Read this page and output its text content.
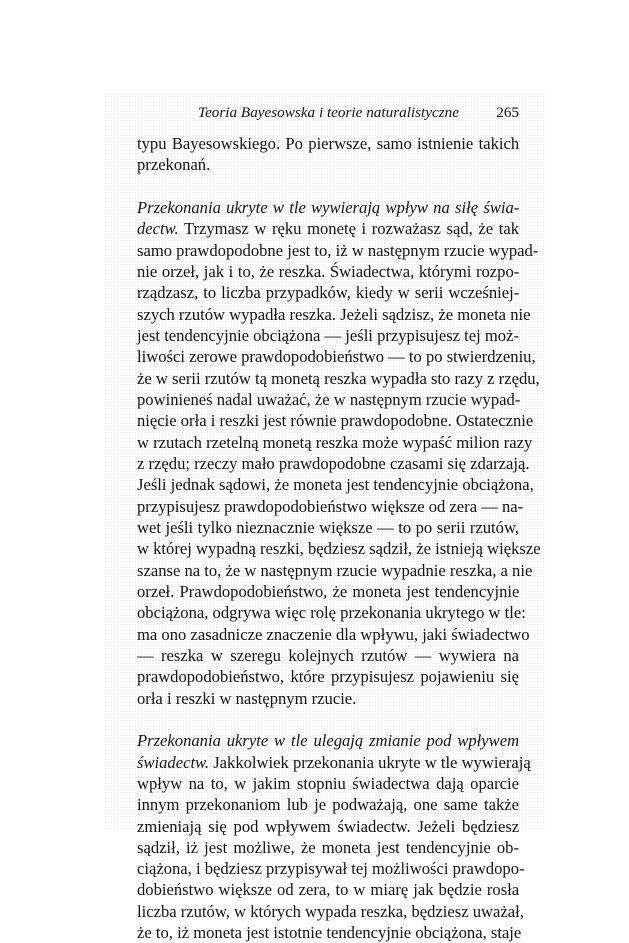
Teoria Bayesowska i teorie naturalistyczne 265
typu Bayesowskiego. Po pierwsze, samo istnienie takich
przekonań.
Przekonania ukryte w tle wywierają wpływ na siłę świa-
dectw. Trzymasz w ręku monetę i rozważasz sąd, że tak
samo prawdopodobne jest to, iż w następnym rzucie wypad-
nie orzeł, jak i to, że reszka. Świadectwa, którymi rozpo-
rządzasz, to liczba przypadków, kiedy w serii wcześniej-
szych rzutów wypadła reszka. Jeżeli sądzisz, że moneta nie
jest tendencyjnie obciążona — jeśli przypisujesz tej moż-
liwości zerowe prawdopodobieństwo — to po stwierdzeniu,
że w serii rzutów tą monetą reszka wypadła sto razy z rzędu,
powinieneś nadal uważać, że w następnym rzucie wypad-
nięcie orła i reszki jest równie prawdopodobne. Ostatecznie
w rzutach rzetelną monetą reszka może wypaść milion razy
z rzędu; rzeczy mało prawdopodobne czasami się zdarzają.
Jeśli jednak sądowi, że moneta jest tendencyjnie obciążona,
przypisujesz prawdopodobieństwo większe od zera — na-
wet jeśli tylko nieznacznie większe — to po serii rzutów,
w której wypadną reszki, będziesz sądził, że istnieją większe
szanse na to, że w następnym rzucie wypadnie reszka, a nie
orzeł. Prawdopodobieństwo, że moneta jest tendencyjnie
obciążona, odgrywa więc rolę przekonania ukrytego w tle:
ma ono zasadnicze znaczenie dla wpływu, jaki świadectwo
— reszka w szeregu kolejnych rzutów — wywiera na
prawdopodobieństwo, które przypisujesz pojawieniu się
orła i reszki w następnym rzucie.
Przekonania ukryte w tle ulegają zmianie pod wpływem
świadectw. Jakkolwiek przekonania ukryte w tle wywierają
wpływ na to, w jakim stopniu świadectwa dają oparcie
innym przekonaniom lub je podważają, one same także
zmieniają się pod wpływem świadectw. Jeżeli będziesz
sądził, iż jest możliwe, że moneta jest tendencyjnie ob-
ciążona, i będziesz przypisywał tej możliwości prawdopo-
dobieństwo większe od zera, to w miarę jak będzie rosła
liczba rzutów, w których wypada reszka, będziesz uważał,
że to, iż moneta jest istotnie tendencyjnie obciążona, staje
